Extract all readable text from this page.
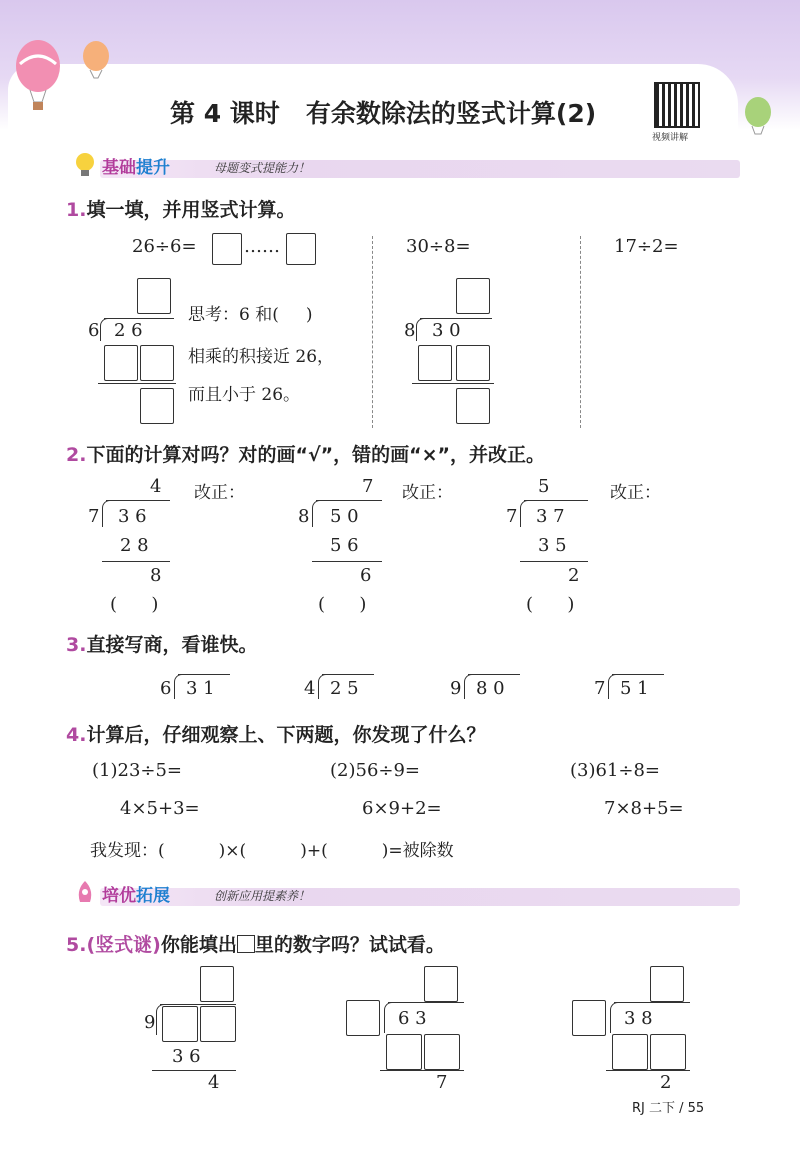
第 4 课时   有余数除法的竖式计算(2)
视频讲解
基础提升	母题变式提能力！
1.填一填，并用竖式计算。
26÷6=	……
6 2 6
思考：6 和(     )
相乘的积接近 26，
而且小于 26。
30÷8=
8 3 0
17÷2=
2.下面的计算对吗？对的画“√”，错的画“×”，并改正。
4
7 3 6
2 8
8
(      )
改正：	7
8 5 0
5 6
6
(      )
改正：	5
7 3 7
3 5
2
(      )
改正：
3.直接写商，看谁快。
6 3 1	4 2 5	9 8 0	7 5 1
4.计算后，仔细观察上、下两题，你发现了什么？
(1)23÷5=	(2)56÷9=	(3)61÷8=
4×5+3=	6×9+2=	7×8+5=
我发现：(          )×(          )+(          )=被除数
培优拓展	创新应用提素养！
5.(竖式谜)你能填出 里的数字吗？试试看。
9
3 6
4
6 3
7
3 8
2
RJ 二下 / 55
